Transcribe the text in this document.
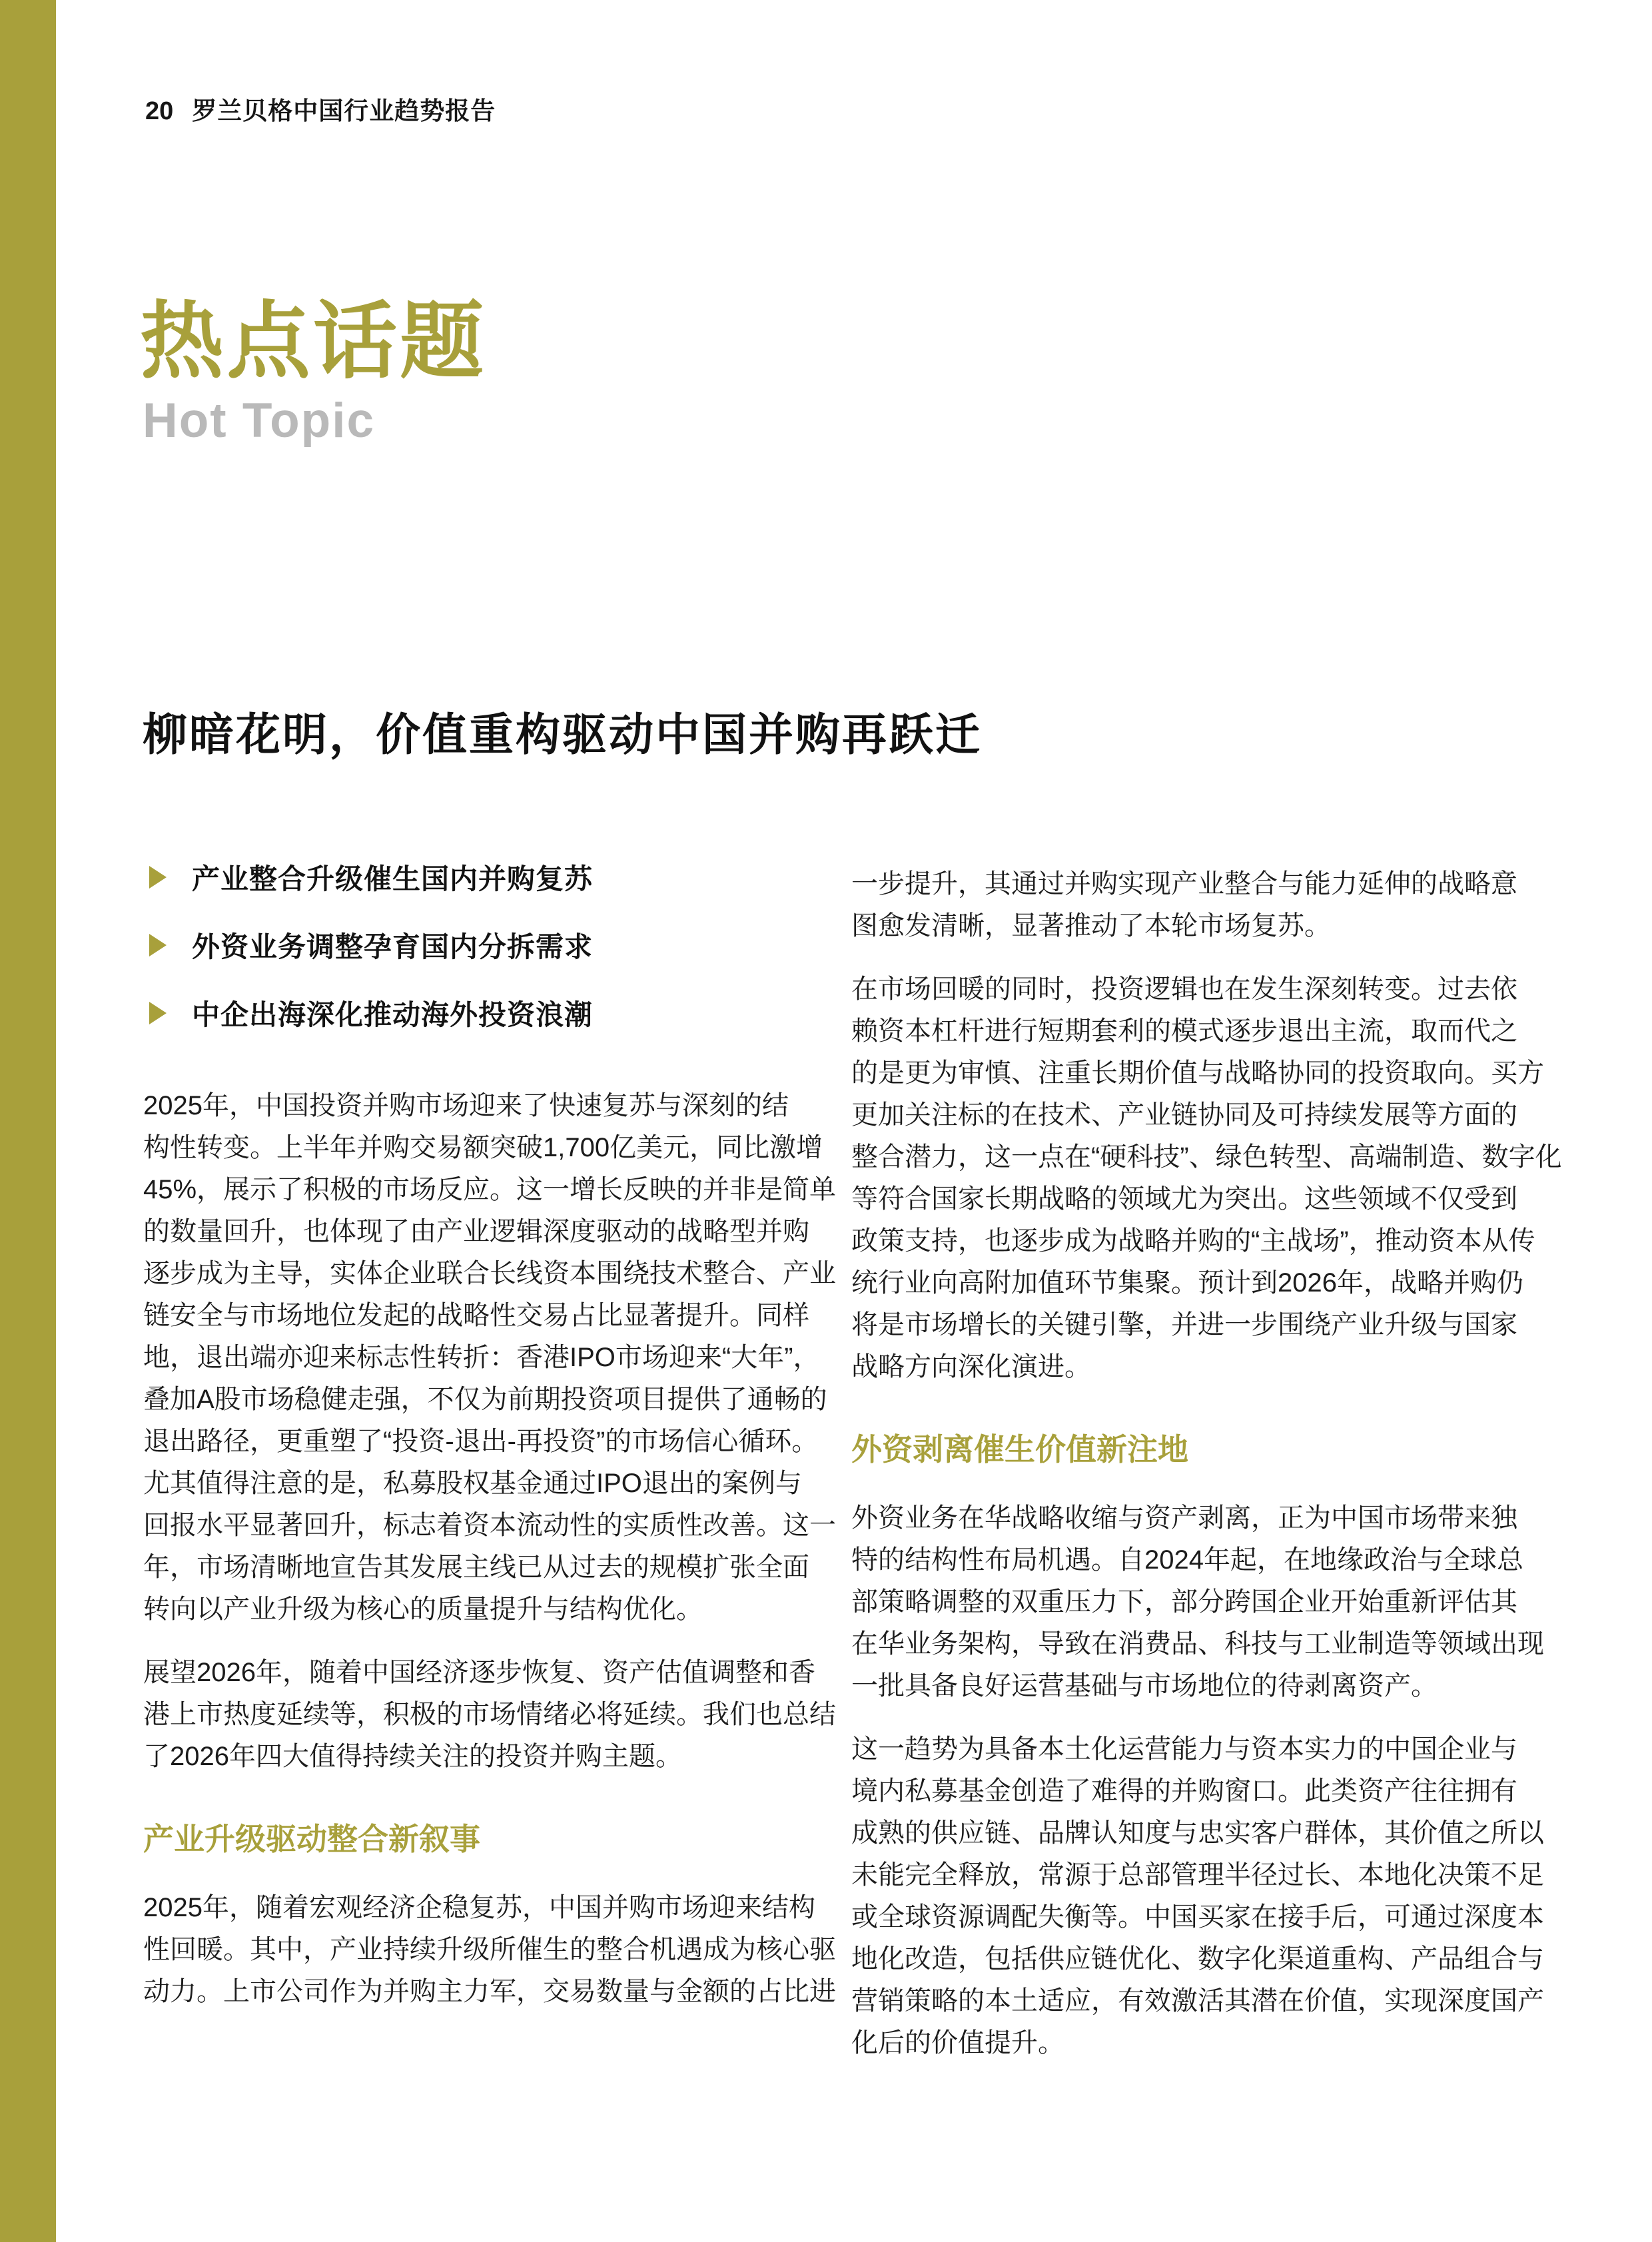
20 罗兰贝格中国行业趋势报告
热点话题
Hot Topic
柳暗花明，价值重构驱动中国并购再跃迁
产业整合升级催生国内并购复苏
外资业务调整孕育国内分拆需求
中企出海深化推动海外投资浪潮
2025年，中国投资并购市场迎来了快速复苏与深刻的结
构性转变。上半年并购交易额突破1,700亿美元，同比激增
45%，展示了积极的市场反应。这一增长反映的并非是简单
的数量回升，也体现了由产业逻辑深度驱动的战略型并购
逐步成为主导，实体企业联合长线资本围绕技术整合、产业
链安全与市场地位发起的战略性交易占比显著提升。同样
地，退出端亦迎来标志性转折：香港IPO市场迎来“大年”，
叠加A股市场稳健走强，不仅为前期投资项目提供了通畅的
退出路径，更重塑了“投资-退出-再投资”的市场信心循环。
尤其值得注意的是，私募股权基金通过IPO退出的案例与
回报水平显著回升，标志着资本流动性的实质性改善。这一
年，市场清晰地宣告其发展主线已从过去的规模扩张全面
转向以产业升级为核心的质量提升与结构优化。
展望2026年，随着中国经济逐步恢复、资产估值调整和香
港上市热度延续等，积极的市场情绪必将延续。我们也总结
了2026年四大值得持续关注的投资并购主题。
产业升级驱动整合新叙事
2025年，随着宏观经济企稳复苏，中国并购市场迎来结构
性回暖。其中，产业持续升级所催生的整合机遇成为核心驱
动力。上市公司作为并购主力军，交易数量与金额的占比进
一步提升，其通过并购实现产业整合与能力延伸的战略意
图愈发清晰，显著推动了本轮市场复苏。
在市场回暖的同时，投资逻辑也在发生深刻转变。过去依
赖资本杠杆进行短期套利的模式逐步退出主流，取而代之
的是更为审慎、注重长期价值与战略协同的投资取向。买方
更加关注标的在技术、产业链协同及可持续发展等方面的
整合潜力，这一点在“硬科技”、绿色转型、高端制造、数字化
等符合国家长期战略的领域尤为突出。这些领域不仅受到
政策支持，也逐步成为战略并购的“主战场”，推动资本从传
统行业向高附加值环节集聚。预计到2026年，战略并购仍
将是市场增长的关键引擎，并进一步围绕产业升级与国家
战略方向深化演进。
外资剥离催生价值新注地
外资业务在华战略收缩与资产剥离，正为中国市场带来独
特的结构性布局机遇。自2024年起，在地缘政治与全球总
部策略调整的双重压力下，部分跨国企业开始重新评估其
在华业务架构，导致在消费品、科技与工业制造等领域出现
一批具备良好运营基础与市场地位的待剥离资产。
这一趋势为具备本土化运营能力与资本实力的中国企业与
境内私募基金创造了难得的并购窗口。此类资产往往拥有
成熟的供应链、品牌认知度与忠实客户群体，其价值之所以
未能完全释放，常源于总部管理半径过长、本地化决策不足
或全球资源调配失衡等。中国买家在接手后，可通过深度本
地化改造，包括供应链优化、数字化渠道重构、产品组合与
营销策略的本土适应，有效激活其潜在价值，实现深度国产
化后的价值提升。
